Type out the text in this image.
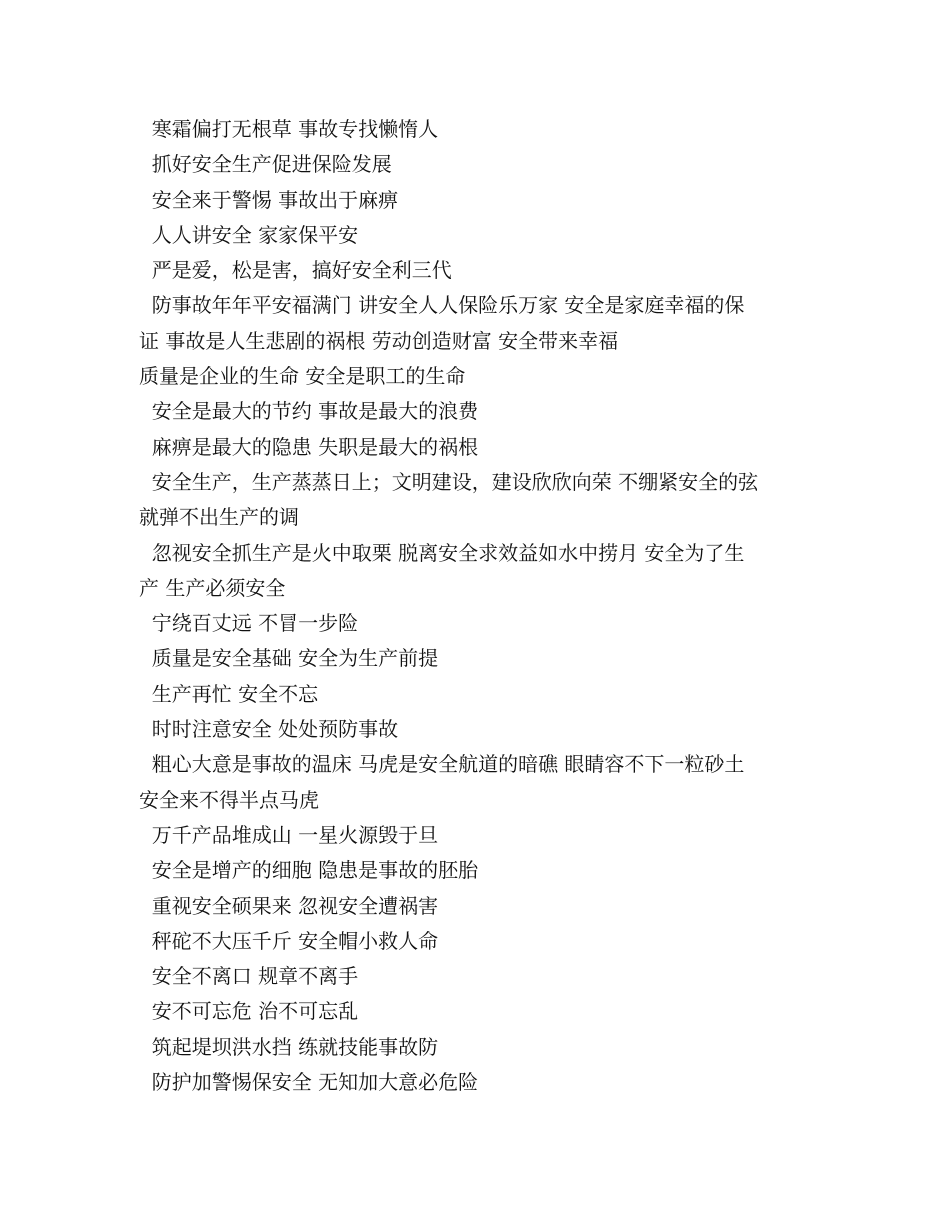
寒霜偏打无根草 事故专找懒惰人
抓好安全生产促进保险发展
安全来于警惕 事故出于麻痹
人人讲安全 家家保平安
严是爱，松是害，搞好安全利三代
防事故年年平安福满门 讲安全人人保险乐万家 安全是家庭幸福的保
证 事故是人生悲剧的祸根 劳动创造财富 安全带来幸福
质量是企业的生命 安全是职工的生命
安全是最大的节约 事故是最大的浪费
麻痹是最大的隐患 失职是最大的祸根
安全生产，生产蒸蒸日上；文明建设，建设欣欣向荣 不绷紧安全的弦
就弹不出生产的调
忽视安全抓生产是火中取栗 脱离安全求效益如水中捞月 安全为了生
产 生产必须安全
宁绕百丈远 不冒一步险
质量是安全基础 安全为生产前提
生产再忙 安全不忘
时时注意安全 处处预防事故
粗心大意是事故的温床 马虎是安全航道的暗礁 眼睛容不下一粒砂土
安全来不得半点马虎
万千产品堆成山 一星火源毁于旦
安全是增产的细胞 隐患是事故的胚胎
重视安全硕果来 忽视安全遭祸害
秤砣不大压千斤 安全帽小救人命
安全不离口 规章不离手
安不可忘危 治不可忘乱
筑起堤坝洪水挡 练就技能事故防
防护加警惕保安全 无知加大意必危险
